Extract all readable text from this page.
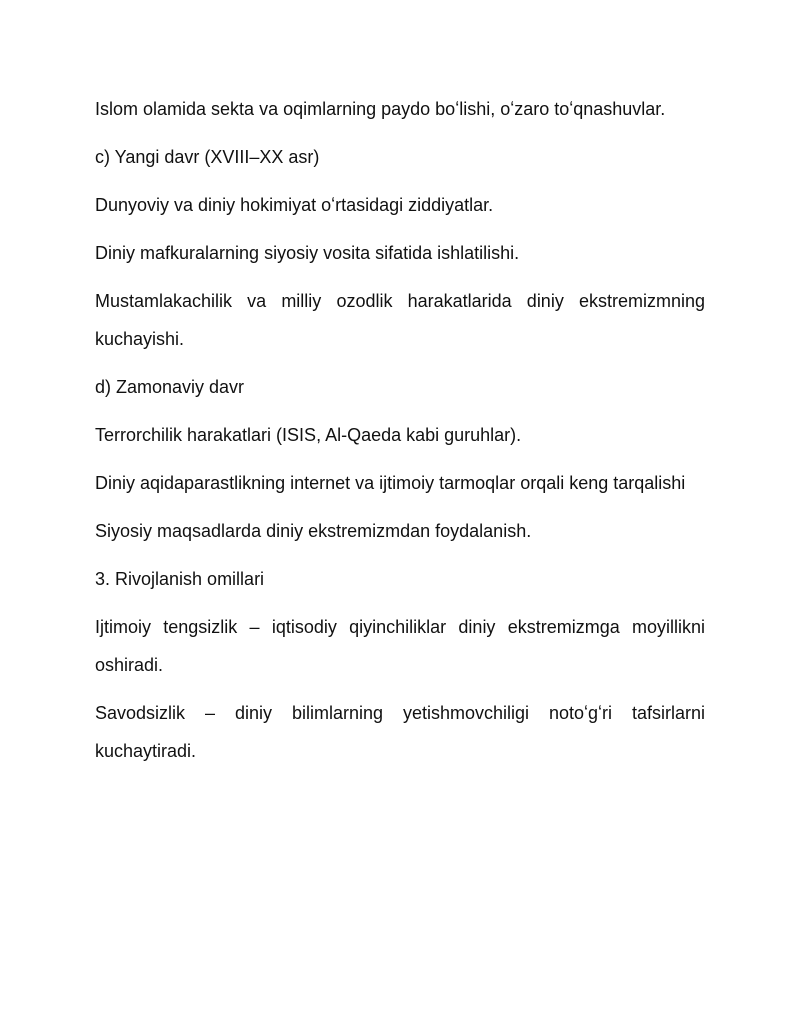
Islom olamida sekta va oqimlarning paydo boʻlishi, oʻzaro toʻqnashuvlar.

c) Yangi davr (XVIII–XX asr)

Dunyoviy va diniy hokimiyat oʻrtasidagi ziddiyatlar.

Diniy mafkuralarning siyosiy vosita sifatida ishlatilishi.

Mustamlakachilik va milliy ozodlik harakatlarida diniy ekstremizmning kuchayishi.

d) Zamonaviy davr

Terrorchilik harakatlari (ISIS, Al-Qaeda kabi guruhlar).

Diniy aqidaparastlikning internet va ijtimoiy tarmoqlar orqali keng tarqalishi

Siyosiy maqsadlarda diniy ekstremizmdan foydalanish.

3. Rivojlanish omillari

Ijtimoiy tengsizlik – iqtisodiy qiyinchiliklar diniy ekstremizmga moyillikni oshiradi.

Savodsizlik – diniy bilimlarning yetishmovchiligi notoʻgʻri tafsirlarni kuchaytiradi.
